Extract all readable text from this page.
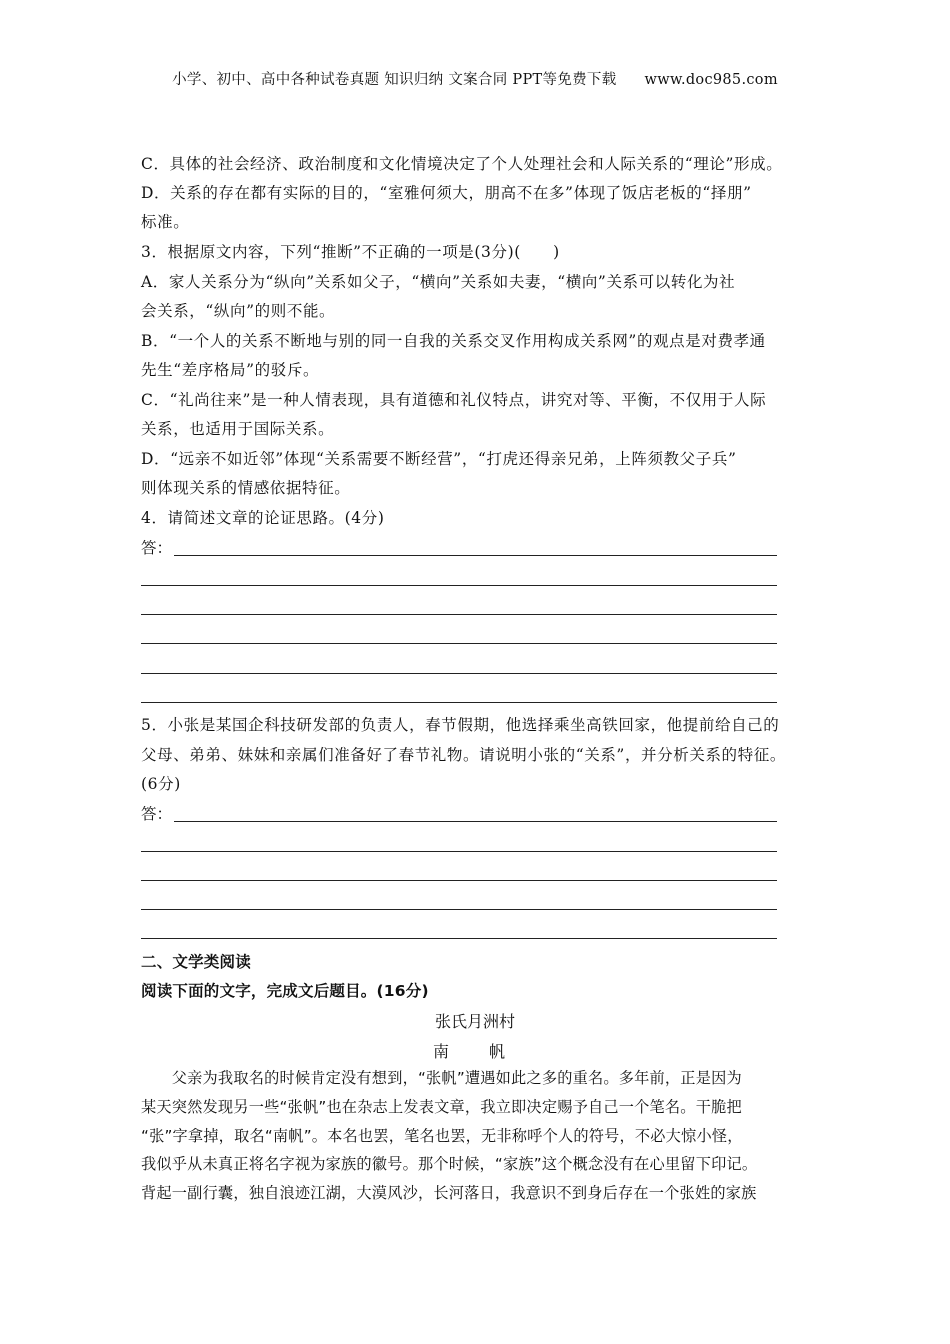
小学、初中、高中各种试卷真题 知识归纳 文案合同 PPT等免费下载 www.doc985.com
C．具体的社会经济、政治制度和文化情境决定了个人处理社会和人际关系的“理论”形成。
D．关系的存在都有实际的目的，“室雅何须大，朋高不在多”体现了饭店老板的“择朋”
标准。
3．根据原文内容，下列“推断”不正确的一项是(3分)(　　)
A．家人关系分为“纵向”关系如父子，“横向”关系如夫妻，“横向”关系可以转化为社
会关系，“纵向”的则不能。
B．“一个人的关系不断地与别的同一自我的关系交叉作用构成关系网”的观点是对费孝通
先生“差序格局”的驳斥。
C．“礼尚往来”是一种人情表现，具有道德和礼仪特点，讲究对等、平衡，不仅用于人际
关系，也适用于国际关系。
D．“远亲不如近邻”体现“关系需要不断经营”，“打虎还得亲兄弟，上阵须教父子兵”
则体现关系的情感依据特征。
4．请简述文章的论证思路。(4分)
答：
5．小张是某国企科技研发部的负责人，春节假期，他选择乘坐高铁回家，他提前给自己的
父母、弟弟、妹妹和亲属们准备好了春节礼物。请说明小张的“关系”，并分析关系的特征。
(6分)
答：
二、文学类阅读
阅读下面的文字，完成文后题目。(16分)
张氏月洲村
南　帆
　　父亲为我取名的时候肯定没有想到，“张帆”遭遇如此之多的重名。多年前，正是因为
某天突然发现另一些“张帆”也在杂志上发表文章，我立即决定赐予自己一个笔名。干脆把
“张”字拿掉，取名“南帆”。本名也罢，笔名也罢，无非称呼个人的符号，不必大惊小怪，
我似乎从未真正将名字视为家族的徽号。那个时候，“家族”这个概念没有在心里留下印记。
背起一副行囊，独自浪迹江湖，大漠风沙，长河落日，我意识不到身后存在一个张姓的家族
